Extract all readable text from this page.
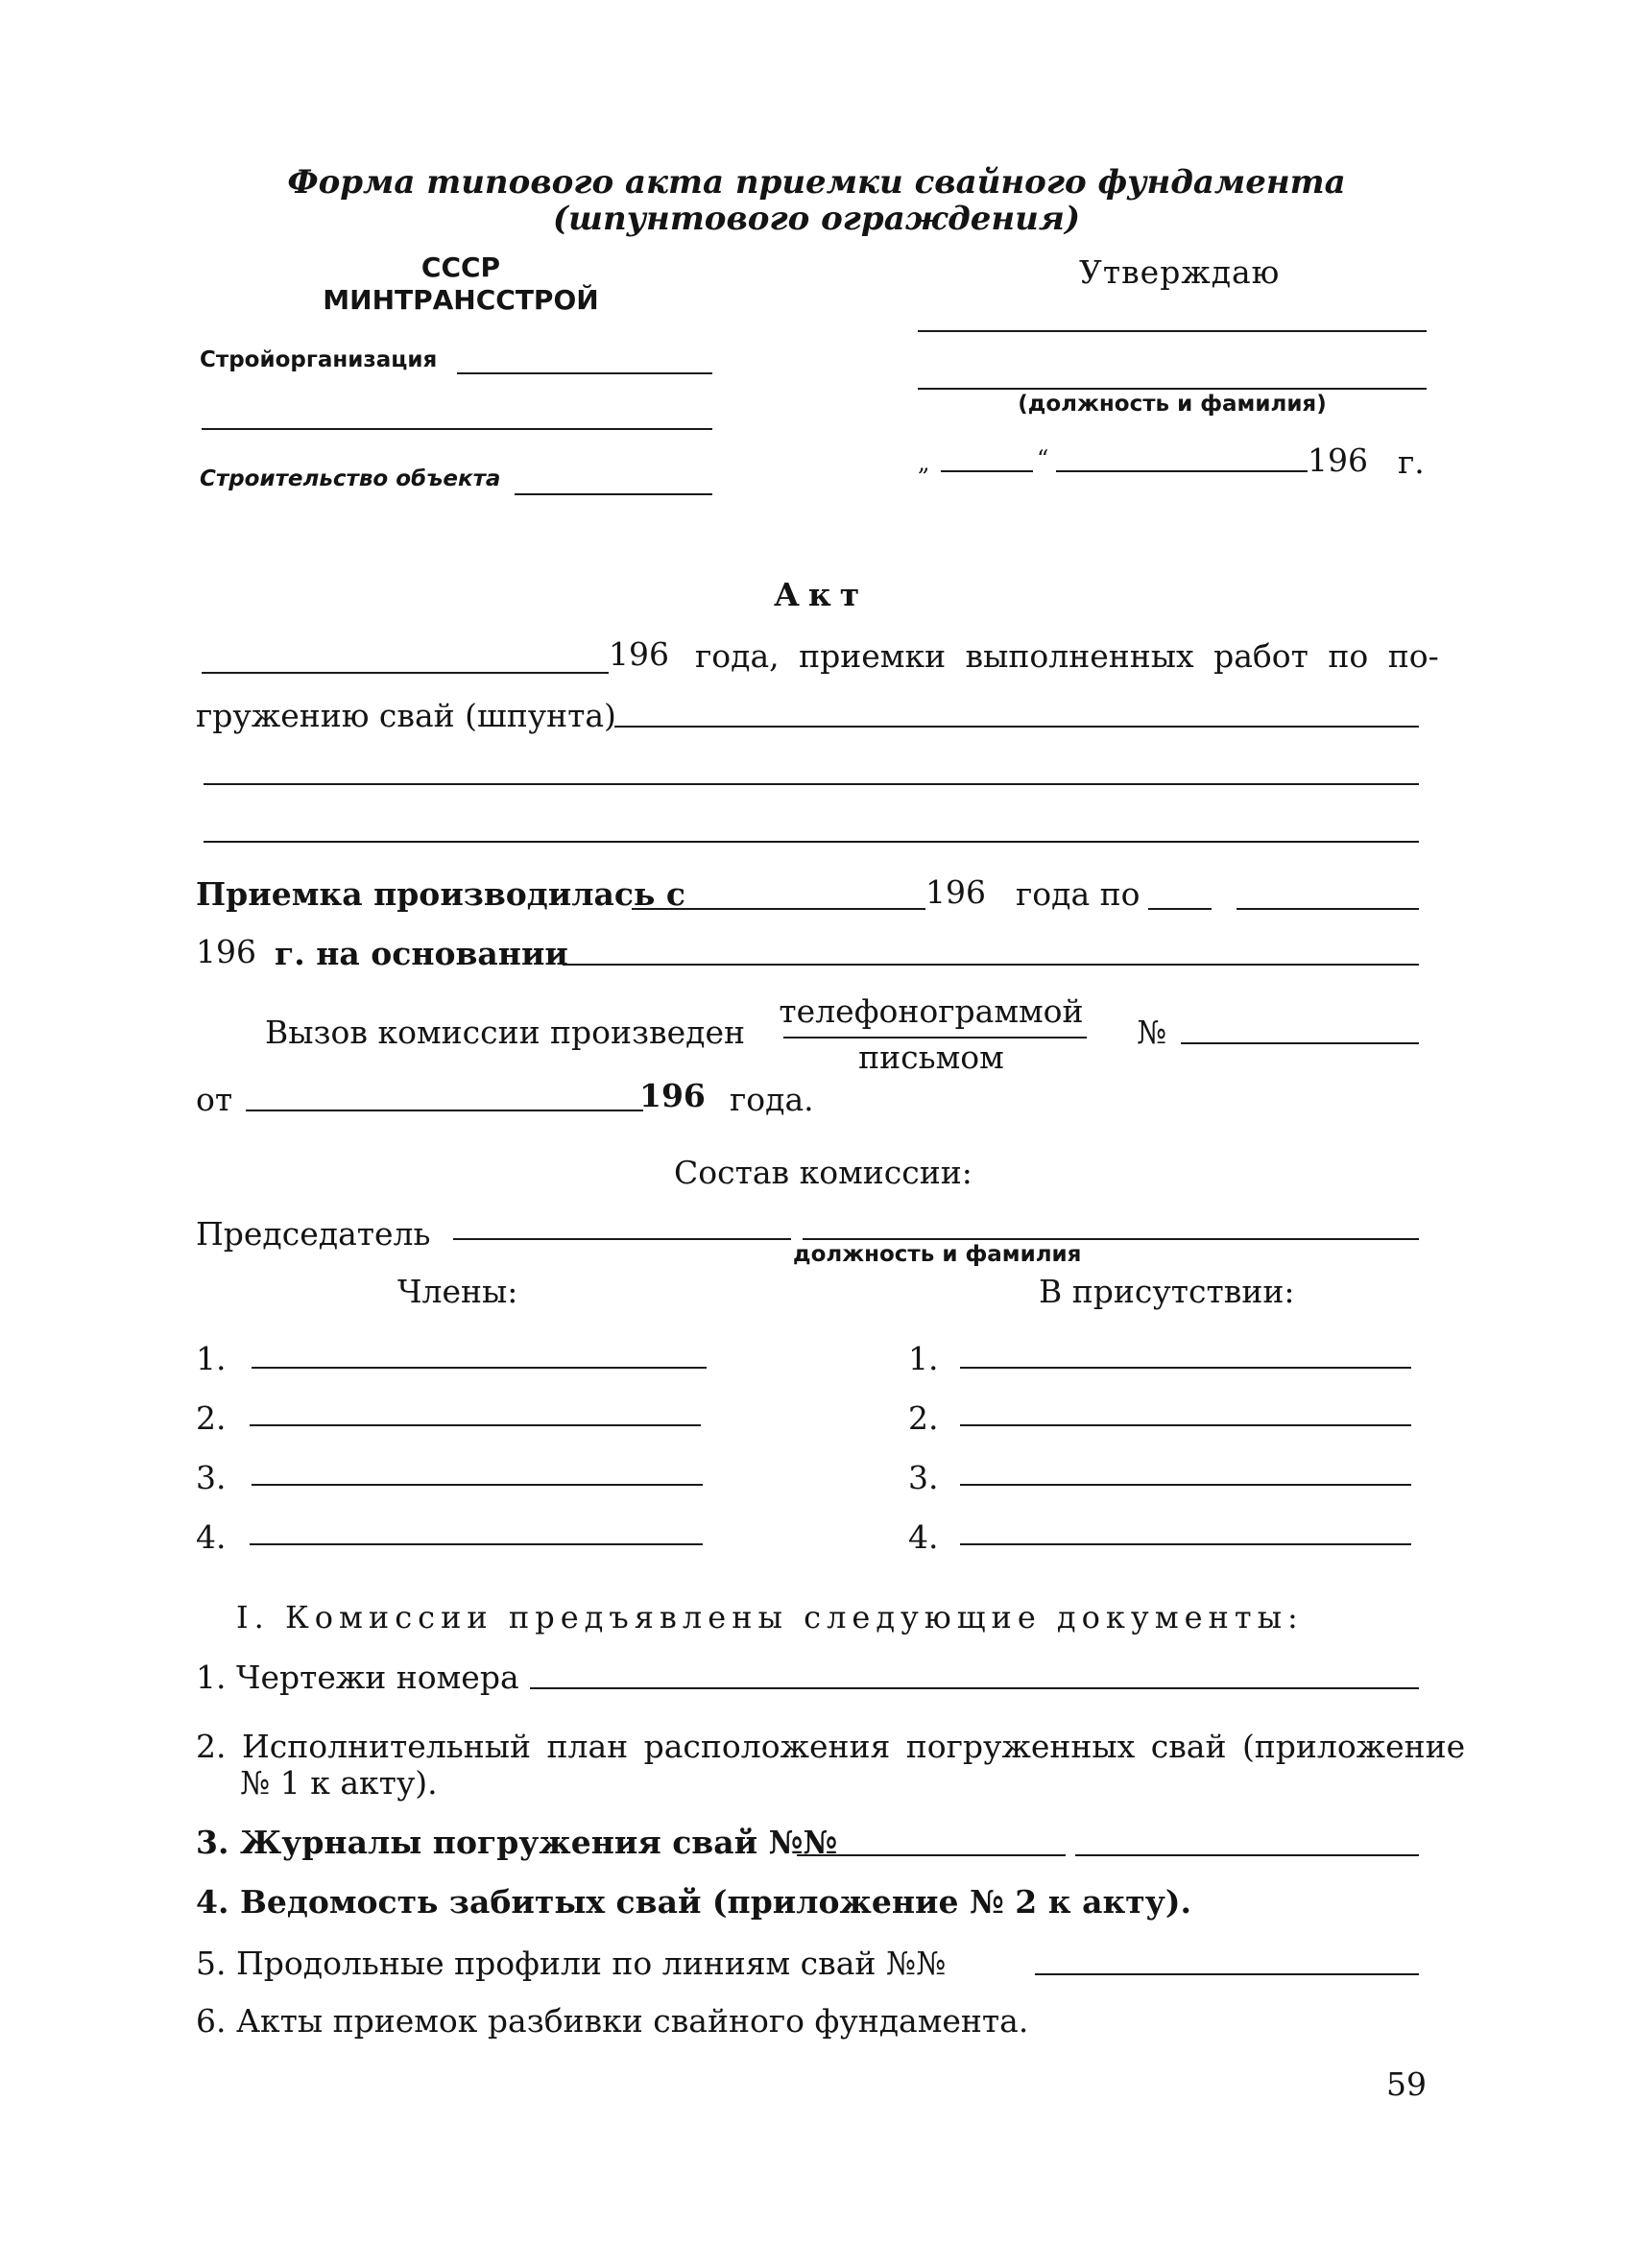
Форма типового акта приемки свайного фундамента
(шпунтового ограждения)
СССР
МИНТРАНССТРОЙ
Стройорганизация
Строительство объекта
Утверждаю
(должность и фамилия)
„	“	196 г.
Акт
196 года, приемки выполненных работ по по-
гружению свай (шпунта)
Приемка производилась с	196 года по
196 г. на основании
Вызов комиссии произведен
телефонограммой
письмом
№
от	196 года.
Состав комиссии:
Председатель
должность и фамилия
Члены:	В присутствии:
1.
2.
3.
4.
1.
2.
3.
4.
I. Комиссии предъявлены следующие документы:
1. Чертежи номера
2. Исполнительный план расположения погруженных свай (приложение
№ 1 к акту).
3. Журналы погружения свай №№
4. Ведомость забитых свай (приложение № 2 к акту).
5. Продольные профили по линиям свай №№
6. Акты приемок разбивки свайного фундамента.
59
